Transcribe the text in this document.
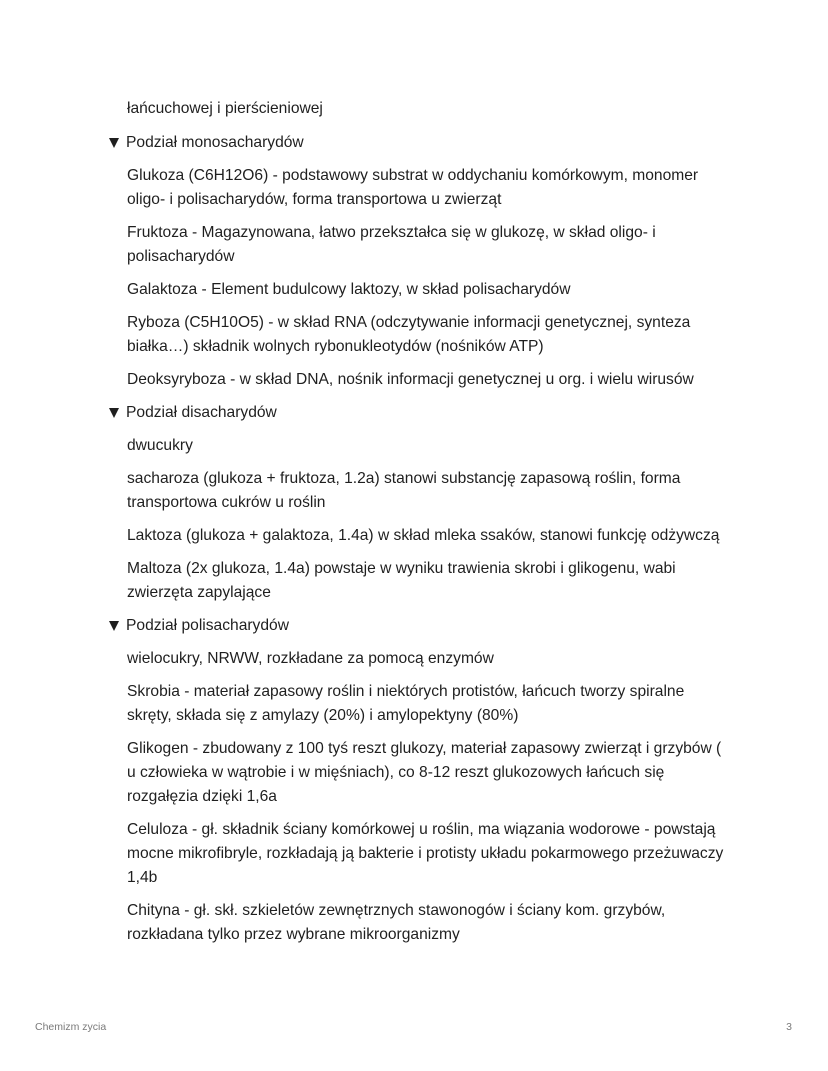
łańcuchowej i pierścieniowej
Podział monosacharydów
Glukoza (C6H12O6) - podstawowy substrat w oddychaniu komórkowym, monomer oligo- i polisacharydów, forma transportowa u zwierząt
Fruktoza - Magazynowana, łatwo przekształca się w glukozę, w skład oligo- i polisacharydów
Galaktoza - Element budulcowy laktozy, w skład polisacharydów
Ryboza (C5H10O5) - w skład RNA (odczytywanie informacji genetycznej, synteza białka…) składnik wolnych rybonukleotydów (nośników ATP)
Deoksyryboza - w skład DNA, nośnik informacji genetycznej u org. i wielu wirusów
Podział disacharydów
dwucukry
sacharoza (glukoza + fruktoza, 1.2a) stanowi substancję zapasową roślin, forma transportowa cukrów u roślin
Laktoza (glukoza + galaktoza, 1.4a) w skład mleka ssaków, stanowi funkcję odżywczą
Maltoza (2x glukoza, 1.4a) powstaje w wyniku trawienia skrobi i glikogenu, wabi zwierzęta zapylające
Podział polisacharydów
wielocukry, NRWW, rozkładane za pomocą enzymów
Skrobia - materiał zapasowy roślin i niektórych protistów, łańcuch tworzy spiralne skręty, składa się z amylazy (20%) i amylopektyny (80%)
Glikogen - zbudowany z 100 tyś reszt glukozy, materiał zapasowy zwierząt i grzybów ( u człowieka w wątrobie i w mięśniach), co 8-12 reszt glukozowych łańcuch się rozgałęzia dzięki 1,6a
Celuloza - gł. składnik ściany komórkowej u roślin, ma wiązania wodorowe - powstają mocne mikrofibryle, rozkładają ją bakterie i protisty układu pokarmowego przeżuwaczy 1,4b
Chityna - gł. skł. szkieletów zewnętrznych stawonogów i ściany kom. grzybów, rozkładana tylko przez wybrane mikroorganizmy
Chemizm zycia	3
